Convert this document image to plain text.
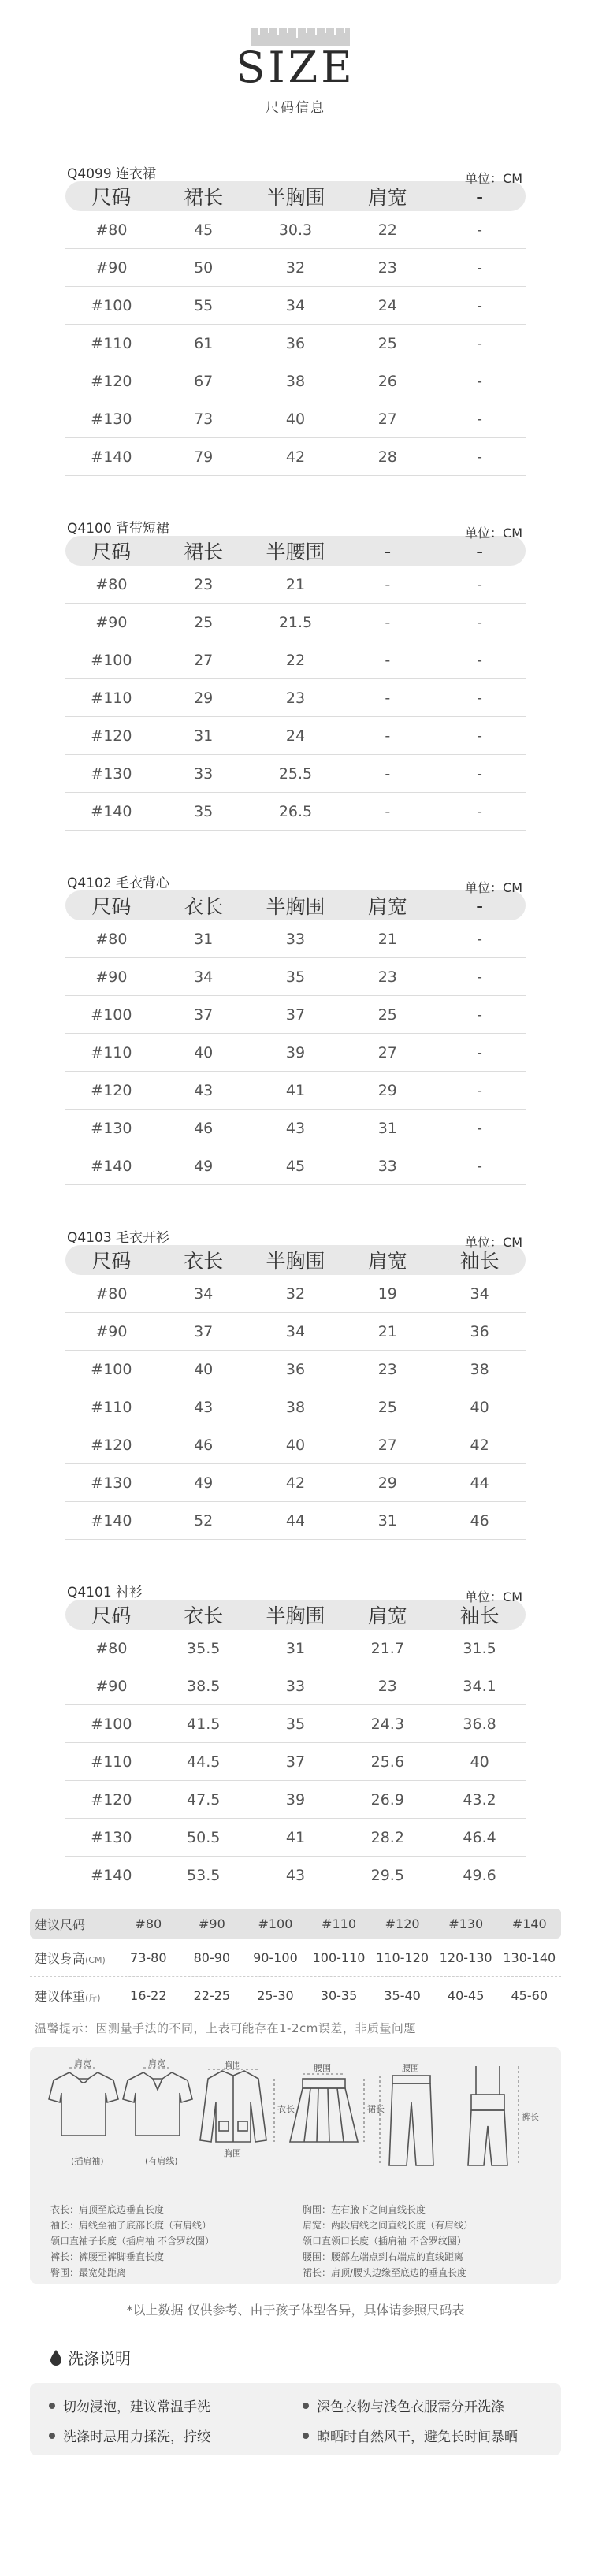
SIZE
尺码信息
Q4099 连衣裙	单位：CM
尺码	裙长	半胸围	肩宽	-
#80	45	30.3	22	-
#90	50	32	23	-
#100	55	34	24	-
#110	61	36	25	-
#120	67	38	26	-
#130	73	40	27	-
#140	79	42	28	-
Q4100 背带短裙	单位：CM
尺码	裙长	半腰围	-	-
#80	23	21	-	-
#90	25	21.5	-	-
#100	27	22	-	-
#110	29	23	-	-
#120	31	24	-	-
#130	33	25.5	-	-
#140	35	26.5	-	-
Q4102 毛衣背心	单位：CM
尺码	衣长	半胸围	肩宽	-
#80	31	33	21	-
#90	34	35	23	-
#100	37	37	25	-
#110	40	39	27	-
#120	43	41	29	-
#130	46	43	31	-
#140	49	45	33	-
Q4103 毛衣开衫	单位：CM
尺码	衣长	半胸围	肩宽	袖长
#80	34	32	19	34
#90	37	34	21	36
#100	40	36	23	38
#110	43	38	25	40
#120	46	40	27	42
#130	49	42	29	44
#140	52	44	31	46
Q4101 衬衫	单位：CM
尺码	衣长	半胸围	肩宽	袖长
#80	35.5	31	21.7	31.5
#90	38.5	33	23	34.1
#100	41.5	35	24.3	36.8
#110	44.5	37	25.6	40
#120	47.5	39	26.9	43.2
#130	50.5	41	28.2	46.4
#140	53.5	43	29.5	49.6
建议尺码	#80	#90	#100	#110	#120	#130	#140
建议身高(CM)	73-80	80-90	90-100	100-110 110-120 120-130 130-140
建议体重(斤)	16-22	22-25	25-30	30-35	35-40	40-45	45-60
温馨提示：因测量手法的不同，上表可能存在1-2cm误差，非质量问题
肩宽	肩宽
(插肩袖)	(有肩线)
衣长
胸围	腰围
裙长
腰围
裤长
胸围
衣长：肩顶至底边垂直长度
袖长：肩线至袖子底部长度（有肩线）
领口直袖子长度（插肩袖 不含罗纹圈）
裤长：裤腰至裤脚垂直长度
臀围：最宽处距离
胸围：左右腋下之间直线长度
肩宽：两段肩线之间直线长度（有肩线）
领口直领口长度（插肩袖 不含罗纹圈）
腰围：腰部左端点到右端点的直线距离
裙长：肩顶/腰头边缘至底边的垂直长度
*以上数据 仅供参考、由于孩子体型各异，具体请参照尺码表
洗涤说明
切勿浸泡，建议常温手洗	深色衣物与浅色衣服需分开洗涤
洗涤时忌用力揉洗，拧绞	晾晒时自然风干，避免长时间暴晒
